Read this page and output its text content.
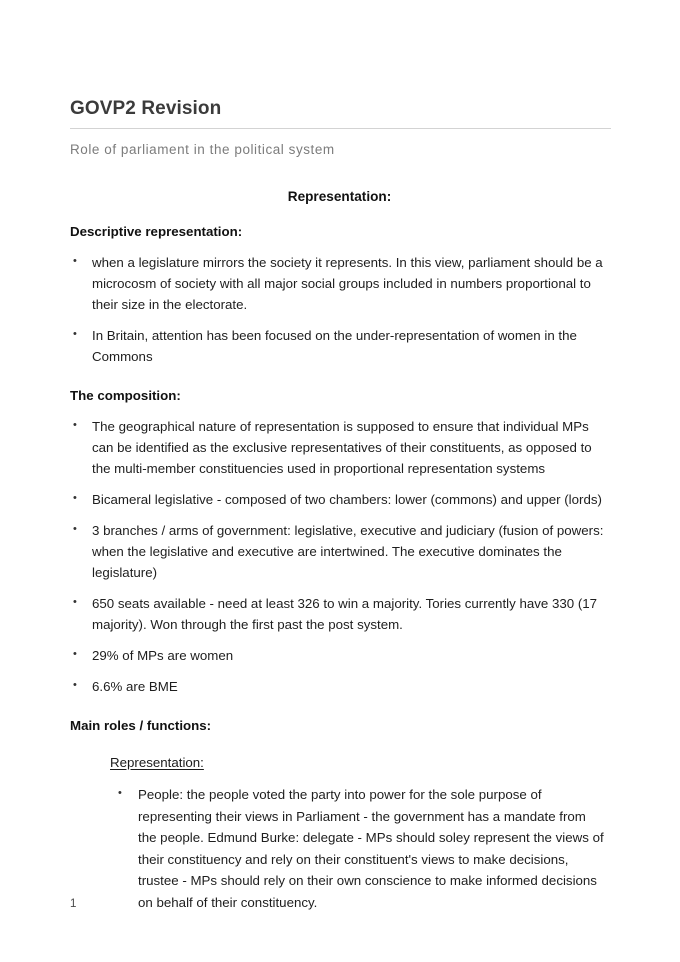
GOVP2 Revision
Role of parliament in the political system
Representation:
Descriptive representation:
• when a legislature mirrors the society it represents. In this view, parliament should be a microcosm of society with all major social groups included in numbers proportional to their size in the electorate.
• In Britain, attention has been focused on the under-representation of women in the Commons
The composition:
• The geographical nature of representation is supposed to ensure that individual MPs can be identified as the exclusive representatives of their constituents, as opposed to the multi-member constituencies used in proportional representation systems
• Bicameral legislative - composed of two chambers: lower (commons) and upper (lords)
• 3 branches / arms of government: legislative, executive and judiciary (fusion of powers: when the legislative and executive are intertwined. The executive dominates the legislature)
• 650 seats available - need at least 326 to win a majority. Tories currently have 330 (17 majority). Won through the first past the post system.
• 29% of MPs are women
• 6.6% are BME
Main roles / functions:
Representation:
• People: the people voted the party into power for the sole purpose of representing their views in Parliament - the government has a mandate from the people. Edmund Burke: delegate - MPs should soley represent the views of their constituency and rely on their constituent's views to make decisions, trustee - MPs should rely on their own conscience to make informed decisions on behalf of their constituency.
1
